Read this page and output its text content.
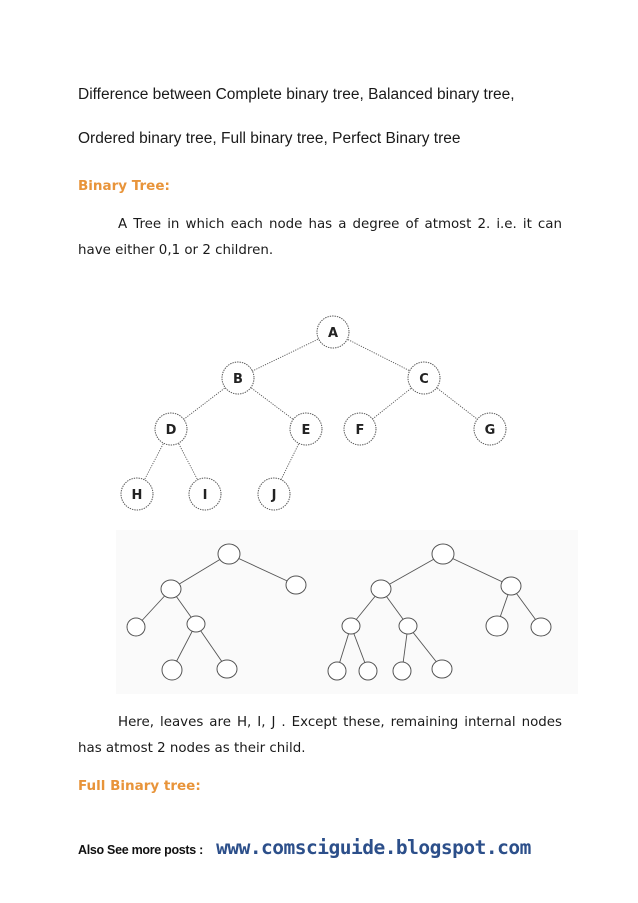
Difference between Complete binary tree, Balanced binary tree,
Ordered binary tree, Full binary tree, Perfect Binary tree
Binary Tree:
A Tree in which each node has a degree of atmost 2. i.e. it can have either 0,1 or 2 children.
A
B	C
D	E	F	G
H	I	J
Here, leaves are H, I, J . Except these, remaining internal nodes has atmost 2 nodes as their child.
Full Binary tree:
Also See more posts : www.comsciguide.blogspot.com
